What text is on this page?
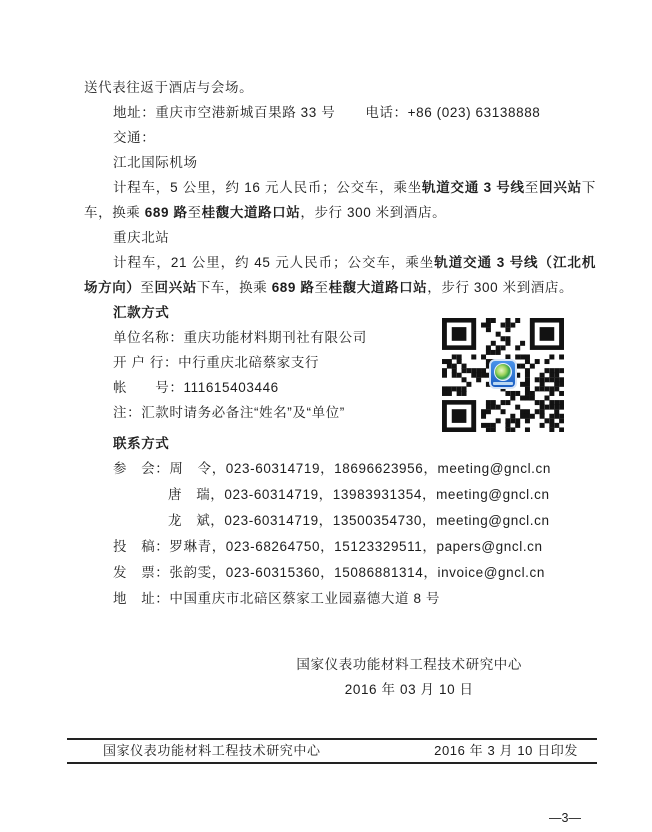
送代表往返于酒店与会场。

地址：重庆市空港新城百果路 33 号 电话：+86 (023) 63138888

交通：

江北国际机场

计程车，5 公里，约 16 元人民币；公交车，乘坐轨道交通 3 号线至回兴站下车，换乘 689 路至桂馥大道路口站，步行 300 米到酒店。

重庆北站

计程车，21 公里，约 45 元人民币；公交车，乘坐轨道交通 3 号线（江北机场方向）至回兴站下车，换乘 689 路至桂馥大道路口站，步行 300 米到酒店。

汇款方式

单位名称：重庆功能材料期刊社有限公司

开 户 行：中行重庆北碚蔡家支行

帐　　号：111615403446

注：汇款时请务必备注“姓名”及“单位”

联系方式

参　会：周　令，023-60314719，18696623956，meeting@gncl.cn

唐　瑞，023-60314719，13983931354，meeting@gncl.cn

龙　斌，023-60314719，13500354730，meeting@gncl.cn

投　稿：罗琳青，023-68264750，15123329511，papers@gncl.cn

发　票：张韵雯，023-60315360，15086881314，invoice@gncl.cn

地　址：中国重庆市北碚区蔡家工业园嘉德大道 8 号

国家仪表功能材料工程技术研究中心

2016 年 03 月 10 日

国家仪表功能材料工程技术研究中心	2016 年 3 月 10 日印发
—3—
